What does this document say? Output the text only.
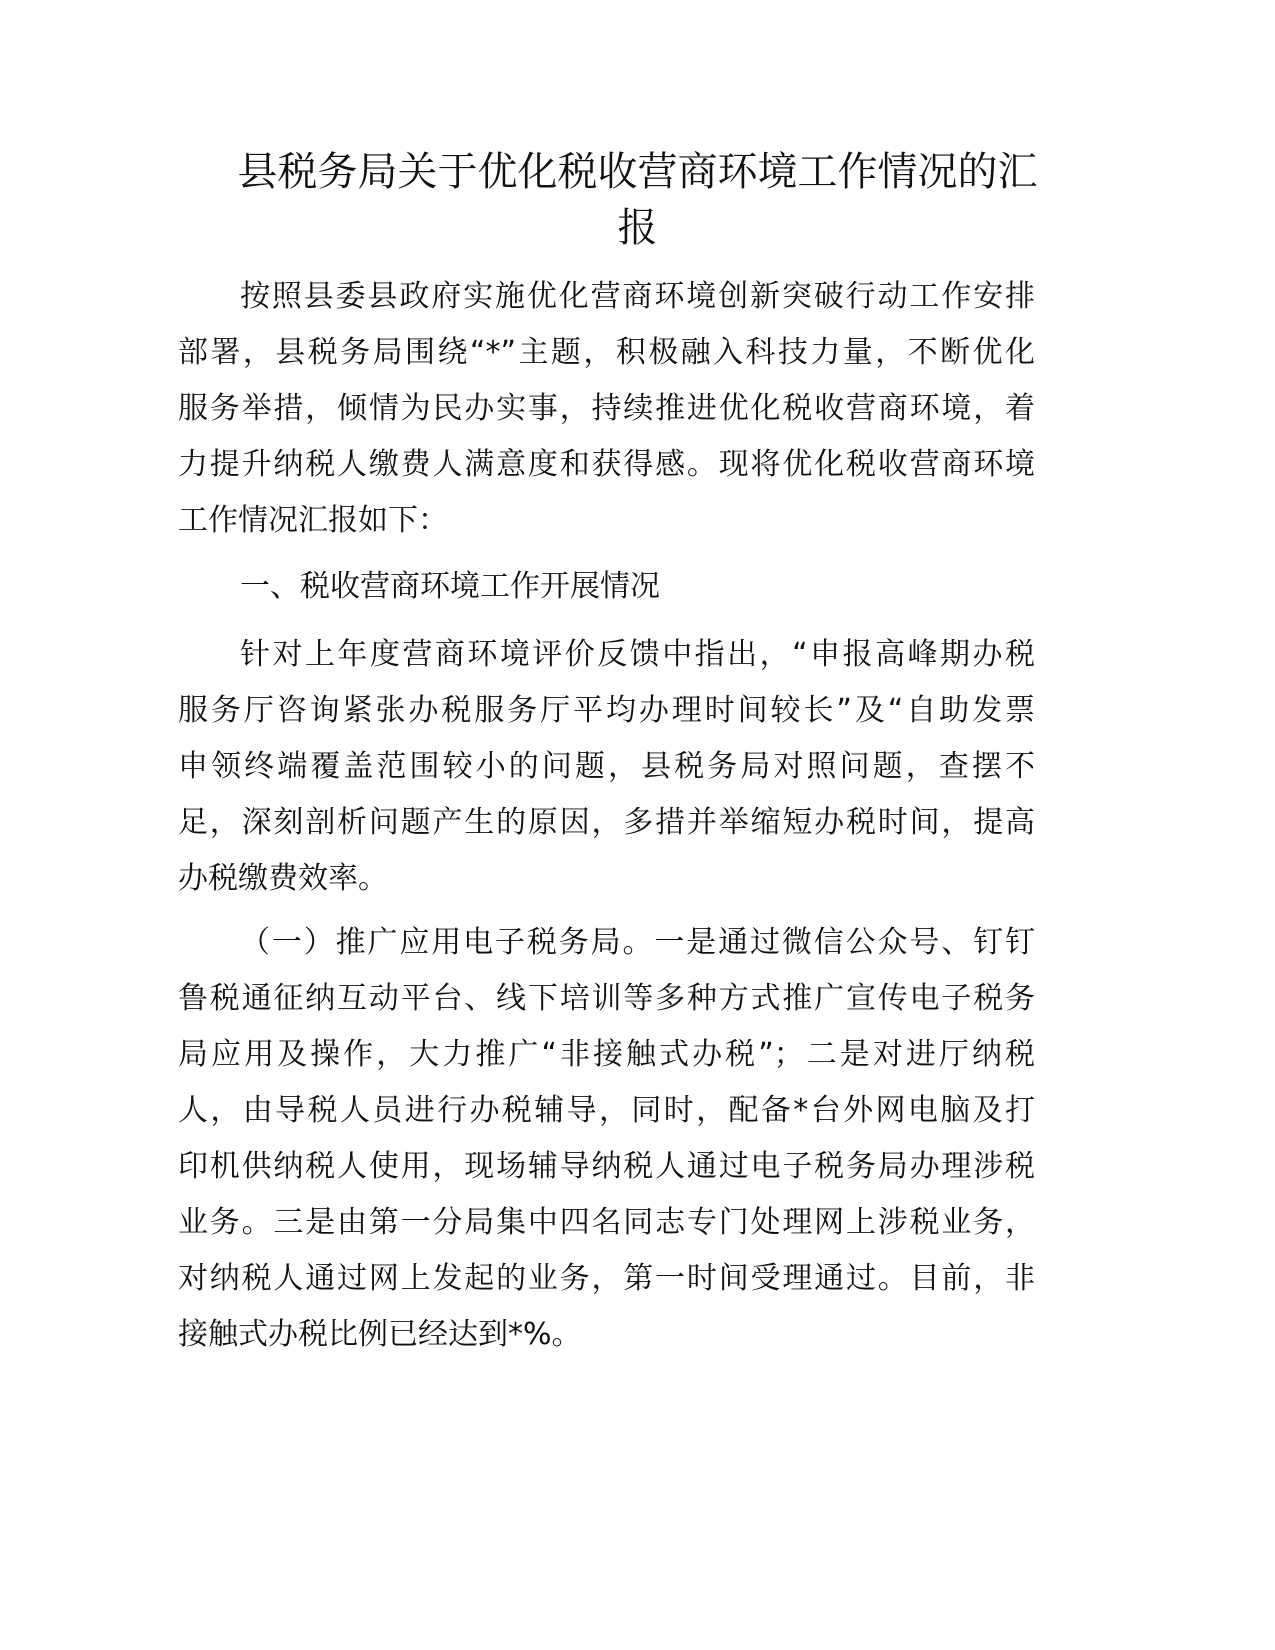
县税务局关于优化税收营商环境工作情况的汇
报
按照县委县政府实施优化营商环境创新突破行动工作安排
部署，县税务局围绕“*”主题，积极融入科技力量，不断优化
服务举措，倾情为民办实事，持续推进优化税收营商环境，着
力提升纳税人缴费人满意度和获得感。现将优化税收营商环境
工作情况汇报如下：
一、税收营商环境工作开展情况
针对上年度营商环境评价反馈中指出，“申报高峰期办税
服务厅咨询紧张办税服务厅平均办理时间较长”及“自助发票
申领终端覆盖范围较小的问题，县税务局对照问题，查摆不
足，深刻剖析问题产生的原因，多措并举缩短办税时间，提高
办税缴费效率。
（一）推广应用电子税务局。一是通过微信公众号、钉钉
鲁税通征纳互动平台、线下培训等多种方式推广宣传电子税务
局应用及操作，大力推广“非接触式办税”；二是对进厅纳税
人，由导税人员进行办税辅导，同时，配备*台外网电脑及打
印机供纳税人使用，现场辅导纳税人通过电子税务局办理涉税
业务。三是由第一分局集中四名同志专门处理网上涉税业务，
对纳税人通过网上发起的业务，第一时间受理通过。目前，非
接触式办税比例已经达到*%。
